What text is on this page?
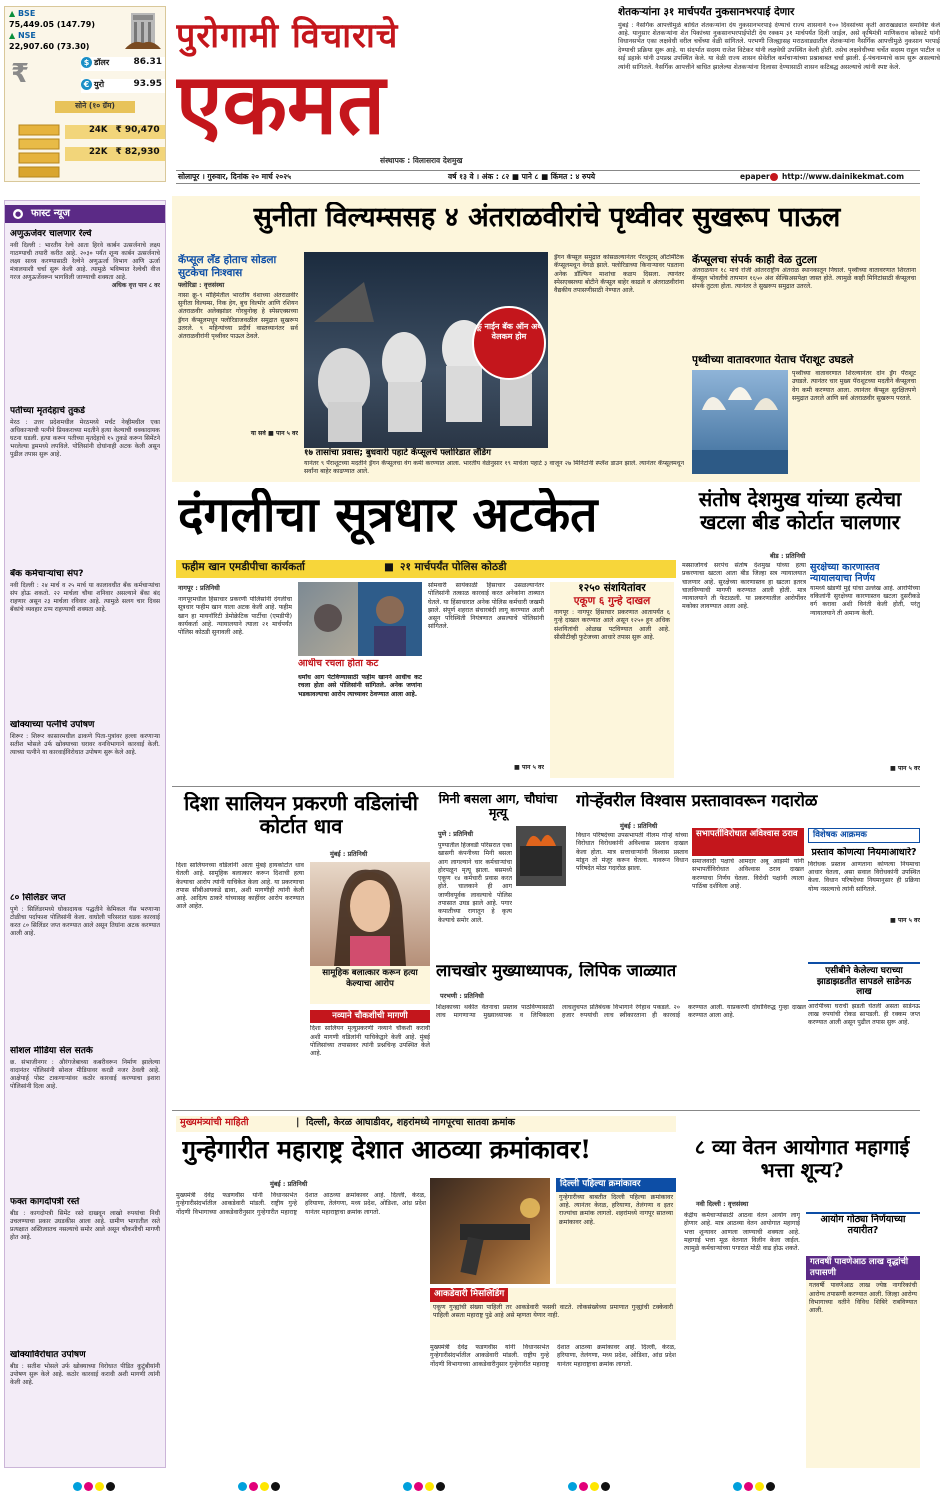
▲ BSE
75,449.05 (147.79)
▲ NSE
22,907.60 (73.30)
₹	$ डॉलर	86.31
€ युरो	93.95
सोने (१० ग्रॅम)
24K ₹ 90,470
22K ₹ 82,930
पुरोगामी विचाराचे
एकमत
संस्थापक : विलासराव देशमुख
सोलापूर । गुरुवार, दिनांक २० मार्च २०२५	वर्ष १३ वे । अंक : ८२ ■ पाने ८ ■ किंमत : ४ रुपये	epaper http://www.dainikekmat.com
शेतकऱ्यांना ३१ मार्चपर्यंत नुकसानभरपाई देणार
मुंबई : नैसर्गिक आपत्तीमुळे बाधित शेतकऱ्यांना देय नुकसानभरपाई देण्याचे राज्य शासनाने १०० दिवसांच्या कृती आराखड्यात समाविष्ट केले आहे. यानुसार शेतकऱ्यांना शेत पिकांच्या नुकसानभरपाईपोटी देय रक्कम ३१ मार्चपर्यंत दिली जाईल, असे कृषिमंत्री माणिकराव कोकाटे यांनी विधानसभेत एका लक्षवेधी वरील चर्चेच्या वेळी सांगितले. परभणी जिल्ह्यासह मराठवाड्यातील शेतकऱ्यांना नैसर्गिक आपत्तीमुळे नुकसान भरपाई देण्याची प्रक्रिया सुरू आहे. या संदर्भात सदस्य राजेश विटेकर यांनी लक्षवेधी उपस्थित केली होती. तसेच लक्षवेधीच्या चर्चेत सदस्य राहुल पाटील व सई डहाके यांनी उपप्रश्न उपस्थित केले. या वेळी राज्य शासन सेवेतील कर्मचाऱ्यांच्या प्रश्नाबाबत चर्चा झाली. ई-पंचनाम्याचे काम सुरू असल्याचे त्यांनी सांगितले. नैसर्गिक आपत्तीने बाधित झालेल्या शेतकऱ्यांना दिलासा देण्यासाठी शासन कटिबद्ध असल्याचे त्यांनी स्पष्ट केले.
● फास्ट न्यूज
अणुऊर्जेवर चालणार रेल्वे
नवी दिल्ली : भारतीय रेल्वे आता हिरवे कार्बन उत्सर्जनाचे लक्ष्य गाठण्याची तयारी करीत आहे. २०३० पर्यंत शून्य कार्बन उत्सर्जनाचे लक्ष्य साध्य करण्यासाठी रेल्वेने अणुऊर्जा विभाग आणि ऊर्जा मंत्रालयाशी चर्चा सुरू केली आहे. त्यामुळे भविष्यात रेल्वेची वीज गरज अणुऊर्जेवरून भागविली जाण्याची शक्यता आहे.
अधिक वृत्त पान ८ वर
पतीच्या मृतदेहाचे तुकडे
मेरठ : उत्तर प्रदेशमधील मेरठमध्ये मर्चंट नेव्हीमधील एका अधिकाऱ्याची पत्नीने प्रियकराच्या मदतीने हत्या केल्याची धक्कादायक घटना घडली. हत्या करून पतीच्या मृतदेहाचे १५ तुकडे करून सिमेंटने भरलेल्या ड्रममध्ये लपविले. पोलिसांनी दोघांनाही अटक केली असून पुढील तपास सुरू आहे.
बँक कर्मचाऱ्यांचा संप?
नवी दिल्ली : २४ मार्च व २५ मार्च या कालावधीत बँक कर्मचाऱ्यांचा संप होऊ शकतो. २२ मार्चला चौथा शनिवार असल्याने बँका बंद राहणार असून २३ मार्चला रविवार आहे. त्यामुळे सलग चार दिवस बँकांचे व्यवहार ठप्प राहण्याची शक्यता आहे.
खोक्याच्या पत्नीचे उपोषण
शिरूर : शिरूर कासारमधील ढाकणे पिता-पुत्रांवर हल्ला करणाऱ्या सतीश भोसले उर्फ खोक्याच्या घरावर वनविभागाने कारवाई केली. त्याच्या पत्नीने या कारवाईविरोधात उपोषण सुरू केले आहे.
८० सिलिंडर जप्त
पुणे : सिलिंडरमध्ये घोकादायक पद्धतीने केमिकल गॅस भरणाऱ्या टोळीचा पर्दाफाश पोलिसांनी केला. वाघोली परिसरात धडक कारवाई करत ८० सिलिंडर जप्त करण्यात आले असून तिघांना अटक करण्यात आली आहे.
सोशल मीडिया सेल सतर्क
छ. संभाजीनगर : औरंगजेबाच्या कबरीवरून निर्माण झालेल्या वादानंतर पोलिसांनी सोशल मीडियावर करडी नजर ठेवली आहे. आक्षेपार्ह पोस्ट टाकणाऱ्यांवर कठोर कारवाई करण्याचा इशारा पोलिसांनी दिला आहे.
फक्त कागदोपत्री रस्ते
बीड : कागदोपत्री सिमेंट रस्ते दाखवून लाखो रुपयांचा निधी उचलण्याचा प्रकार उघडकीस आला आहे. ग्रामीण भागातील रस्ते प्रत्यक्षात अस्तित्वातच नसल्याचे समोर आले असून चौकशीची मागणी होत आहे.
खोक्याविरोधात उपोषण
बीड : सतीश भोसले उर्फ खोक्याच्या विरोधात पीडित कुटुंबीयांनी उपोषण सुरू केले आहे. कठोर कारवाई करावी अशी मागणी त्यांनी केली आहे.
सुनीता विल्यम्ससह ४ अंतराळवीरांचे पृथ्वीवर सुखरूप पाऊल
कॅप्सूल लँड होताच सोडला सुटकेचा निःश्वास
फ्लोरिडा : वृत्तसंस्था
नासा क्रू-९ मोहिमेतील भारतीय वंशाच्या अंतराळवीर सुनीता विल्यम्स, निक हेग, बुच विल्मोर आणि रशियन अंतराळवीर अलेक्झांडर गोरबुनोव्ह हे स्पेसएक्सच्या ड्रॅगन कॅप्सूलमधून फ्लोरिडाजवळील समुद्रात सुखरूप उतरले. ९ महिन्यांच्या प्रदीर्घ वास्तव्यानंतर सर्व अंतराळवीरांनी पृथ्वीवर पाऊल ठेवले.
या सर्व ■ पान ५ वर
क्रू नाईन बॅक ऑन अर्थ वेलकम होम
१७ तासांचा प्रवास; बुधवारी पहाटे कॅप्सूलचे फ्लोरिडात लँडिंग
यानंतर ९ पॅराशूटच्या मदतीने ड्रॅगन कॅप्सूलचा वेग कमी करण्यात आला. भारतीय वेळेनुसार १९ मार्चला पहाटे ३ वाजून २७ मिनिटांनी स्प्लॅश डाउन झाले. त्यानंतर कॅप्सूलमधून सर्वांना बाहेर काढण्यात आले.
ड्रॅगन कॅप्सूल समुद्रात कोसळल्यानंतर पॅराशूटस् ऑटोमॅटिक कॅप्सूलमधून वेगळे झाले. फ्लोरिडाच्या किनाऱ्यावर पडताना अनेक डॉल्फिन माशांचा कळप दिसला. त्यानंतर स्पेसएक्सच्या बोटीने कॅप्सूल बाहेर काढले व अंतराळवीरांना वैद्यकीय तपासणीसाठी नेण्यात आले.
कॅप्सूलचा संपर्क काही वेळ तुटला
अंतराळयान १८ मार्च रोजी आंतरराष्ट्रीय अंतराळ स्थानकातून निघाले. पृथ्वीच्या वातावरणात शिरताना कॅप्सूल भोवतीचे तापमान १६५० अंश सेल्सिअसपेक्षा जास्त होते. त्यामुळे काही मिनिटांसाठी कॅप्सूलचा संपर्क तुटला होता. त्यानंतर ते सुखरूप समुद्रात उतरले.
पृथ्वीच्या वातावरणात येताच पॅराशूट उघडले
पृथ्वीच्या वातावरणात शिरल्यानंतर दोन ड्रॅग पॅराशूट उघडले. त्यानंतर चार मुख्य पॅराशूटच्या मदतीने कॅप्सूलचा वेग कमी करण्यात आला. त्यानंतर कॅप्सूल सुरक्षितपणे समुद्रात उतरले आणि सर्व अंतराळवीर सुखरूप परतले.
दंगलीचा सूत्रधार अटकेत
फहीम खान एमडीपीचा कार्यकर्ता	■ २१ मार्चपर्यंत पोलिस कोठडी
नागपूर : प्रतिनिधी
नागपूरमधील हिंसाचार प्रकरणी पोलिसांनी दंगलीचा सूत्रधार फहीम खान याला अटक केली आहे. फहीम खान हा मायनॉरिटी डेमोक्रेटिक पार्टीचा (एमडीपी) कार्यकर्ता आहे. न्यायालयाने त्याला २१ मार्चपर्यंत पोलिस कोठडी सुनावली आहे.
आधीच रचला होता कट
धर्मांध आग पेटविण्यासाठी फहीम खानने आधीच कट रचला होता असे पोलिसांनी सांगितले. अनेक जणांना भडकावल्याचा आरोप त्याच्यावर ठेवण्यात आला आहे.
सोमवारी सायंकाळी हिंसाचार उसळल्यानंतर पोलिसांनी तत्काळ कारवाई करत अनेकांना ताब्यात घेतले. या हिंसाचारात अनेक पोलिस कर्मचारी जखमी झाले. संपूर्ण शहरात संचारबंदी लागू करण्यात आली असून परिस्थिती नियंत्रणात असल्याचे पोलिसांनी सांगितले.
■ पान ५ वर
१२५० संशयितांवर
एकूण ६ गुन्हे दाखल
नागपूर : नागपूर हिंसाचार प्रकरणात आतापर्यंत ६ गुन्हे दाखल करण्यात आले असून १२५० हून अधिक संशयितांची ओळख पटविण्यात आली आहे. सीसीटीव्ही फुटेजच्या आधारे तपास सुरू आहे.
संतोष देशमुख यांच्या हत्येचा खटला बीड कोर्टात चालणार
बीड : प्रतिनिधी
मस्साजोगचे सरपंच संतोष देशमुख यांच्या हत्या प्रकरणाचा खटला आता बीड जिल्हा सत्र न्यायालयात चालणार आहे. सुरक्षेच्या कारणास्तव हा खटला इतरत्र चालविण्याची मागणी करण्यात आली होती. मात्र न्यायालयाने ती फेटाळली. या प्रकरणातील आरोपींवर मकोका लावण्यात आला आहे.
सुरक्षेच्या कारणास्तव न्यायालयाचा निर्णय
यामध्ये खंडणी मुद्दे यांचा उल्लेख आहे. आरोपींच्या वकिलांनी सुरक्षेच्या कारणास्तव खटला दुसरीकडे वर्ग करावा अशी विनंती केली होती, परंतु न्यायालयाने ती अमान्य केली.
■ पान ५ वर
दिशा सालियन प्रकरणी वडिलांची कोर्टात धाव
मुंबई : प्रतिनिधी
दिशा सालियनच्या वडिलांनी आता मुंबई हायकोर्टात धाव घेतली आहे. सामूहिक बलात्कार करून दिशाची हत्या केल्याचा आरोप त्यांनी याचिकेत केला आहे. या प्रकरणाचा तपास सीबीआयकडे द्यावा, अशी मागणीही त्यांनी केली आहे. आदित्य ठाकरे यांच्यासह काहींवर आरोप करण्यात आले आहेत.
सामूहिक बलात्कार करून हत्या केल्याचा आरोप
नव्याने चौकशीची मागणी
दिशा सालियन मृत्यूप्रकरणी नव्याने चौकशी करावी अशी मागणी वडिलांनी याचिकेद्वारे केली आहे. मुंबई पोलिसांच्या तपासावर त्यांनी प्रश्नचिन्ह उपस्थित केले आहे.
मिनी बसला आग, चौघांचा मृत्यू
पुणे : प्रतिनिधी
पुण्यातील हिंजवडी परिसरात एका खासगी कंपनीच्या मिनी बसला आग लागल्याने चार कर्मचाऱ्यांचा होरपळून मृत्यू झाला. बसमध्ये एकूण १४ कर्मचारी प्रवास करत होते. चालकाने ही आग जाणीवपूर्वक लावल्याचे पोलिस तपासात उघड झाले आहे. पगार कपातीच्या रागातून हे कृत्य केल्याचे समोर आले.
गोऱ्हेंवरील विश्वास प्रस्तावावरून गदारोळ
मुंबई : प्रतिनिधी
विधान परिषदेच्या उपसभापती नीलम गोऱ्हे यांच्या विरोधात विरोधकांनी अविश्वास प्रस्ताव दाखल केला होता. मात्र सत्ताधाऱ्यांनी विश्वास प्रस्ताव मांडून तो मंजूर करून घेतला. यावरून विधान परिषदेत मोठा गदारोळ झाला.
सभापतींविरोधात अविश्वास ठराव
समाजवादी पक्षाचे आमदार अबू आझमी यांनी सभापतींविरोधात अविश्वास ठराव दाखल करण्याचा निर्णय घेतला. विरोधी पक्षांनी त्याला पाठिंबा दर्शविला आहे.
विशेषक आक्रमक
प्रस्ताव कोणत्या नियमाआधारे?
विरोधक प्रस्ताव आणताना कोणत्या नियमाचा आधार घेतला, असा सवाल विरोधकांनी उपस्थित केला. विधान परिषदेच्या नियमानुसार ही प्रक्रिया योग्य नसल्याचे त्यांनी सांगितले.
■ पान ५ वर
लाचखोर मुख्याध्यापक, लिपिक जाळ्यात
परभणी : प्रतिनिधी
शिक्षकाच्या थकीत वेतनाचा प्रस्ताव पाठविण्यासाठी लाच मागणाऱ्या मुख्याध्यापक व लिपिकाला लाचलुचपत प्रतिबंधक विभागाने रंगेहाथ पकडले. २० हजार रुपयांची लाच स्वीकारताना ही कारवाई करण्यात आली. याप्रकरणी दोघांविरुद्ध गुन्हा दाखल करण्यात आला आहे.
एसीबीने केलेल्या घराच्या झाडाझडतीत सापडले साडेनऊ लाख
आरोपींच्या घराची झडती घेतली असता साडेनऊ लाख रुपयांची रोकड सापडली. ही रक्कम जप्त करण्यात आली असून पुढील तपास सुरू आहे.
मुख्यमंत्र्यांची माहिती	| दिल्ली, केरळ आघाडीवर, शहरांमध्ये नागपूरचा सातवा क्रमांक
गुन्हेगारीत महाराष्ट्र देशात आठव्या क्रमांकावर!
मुंबई : प्रतिनिधी
मुख्यमंत्री देवेंद्र फडणवीस यांनी विधानसभेत गुन्हेगारीसंदर्भातील आकडेवारी मांडली. राष्ट्रीय गुन्हे नोंदणी विभागाच्या आकडेवारीनुसार गुन्हेगारीत महाराष्ट्र देशात आठव्या क्रमांकावर आहे. दिल्ली, केरळ, हरियाणा, तेलंगणा, मध्य प्रदेश, ओडिशा, आंध्र प्रदेश यानंतर महाराष्ट्राचा क्रमांक लागतो.
दिल्ली पहिल्या क्रमांकावर
गुन्हेगारीच्या बाबतीत दिल्ली पहिल्या क्रमांकावर आहे. त्यानंतर केरळ, हरियाणा, तेलंगणा व इतर राज्यांचा क्रमांक लागतो. शहरांमध्ये नागपूर सातव्या क्रमांकावर आहे.
आकडेवारी मिसलिडिंग
एकूण गुन्ह्यांची संख्या पाहिली तर आकडेवारी फसवी वाटते. लोकसंख्येच्या प्रमाणात गुन्ह्यांची टक्केवारी पाहिली असता महाराष्ट्र पुढे आहे असे म्हणता येणार नाही.
मुख्यमंत्री देवेंद्र फडणवीस यांनी विधानसभेत गुन्हेगारीसंदर्भातील आकडेवारी मांडली. राष्ट्रीय गुन्हे नोंदणी विभागाच्या आकडेवारीनुसार गुन्हेगारीत महाराष्ट्र देशात आठव्या क्रमांकावर आहे. दिल्ली, केरळ, हरियाणा, तेलंगणा, मध्य प्रदेश, ओडिशा, आंध्र प्रदेश यानंतर महाराष्ट्राचा क्रमांक लागतो.
८ व्या वेतन आयोगात महागाई भत्ता शून्य?
नवी दिल्ली : वृत्तसंस्था
केंद्रीय कर्मचाऱ्यांसाठी आठवा वेतन आयोग लागू होणार आहे. मात्र आठव्या वेतन आयोगात महागाई भत्ता शून्यावर आणला जाण्याची शक्यता आहे. महागाई भत्ता मूळ वेतनात विलीन केला जाईल. त्यामुळे कर्मचाऱ्यांच्या पगारात मोठी वाढ होऊ शकते.
आयोग गोठ्या निर्णयाच्या तयारीत?
गतवर्षी पावणेआठ लाख वृद्धांची तपासणी
गतवर्षी पावणेआठ लाख ज्येष्ठ नागरिकांची आरोग्य तपासणी करण्यात आली. जिल्हा आरोग्य विभागाच्या वतीने विविध शिबिरे राबविण्यात आली.
